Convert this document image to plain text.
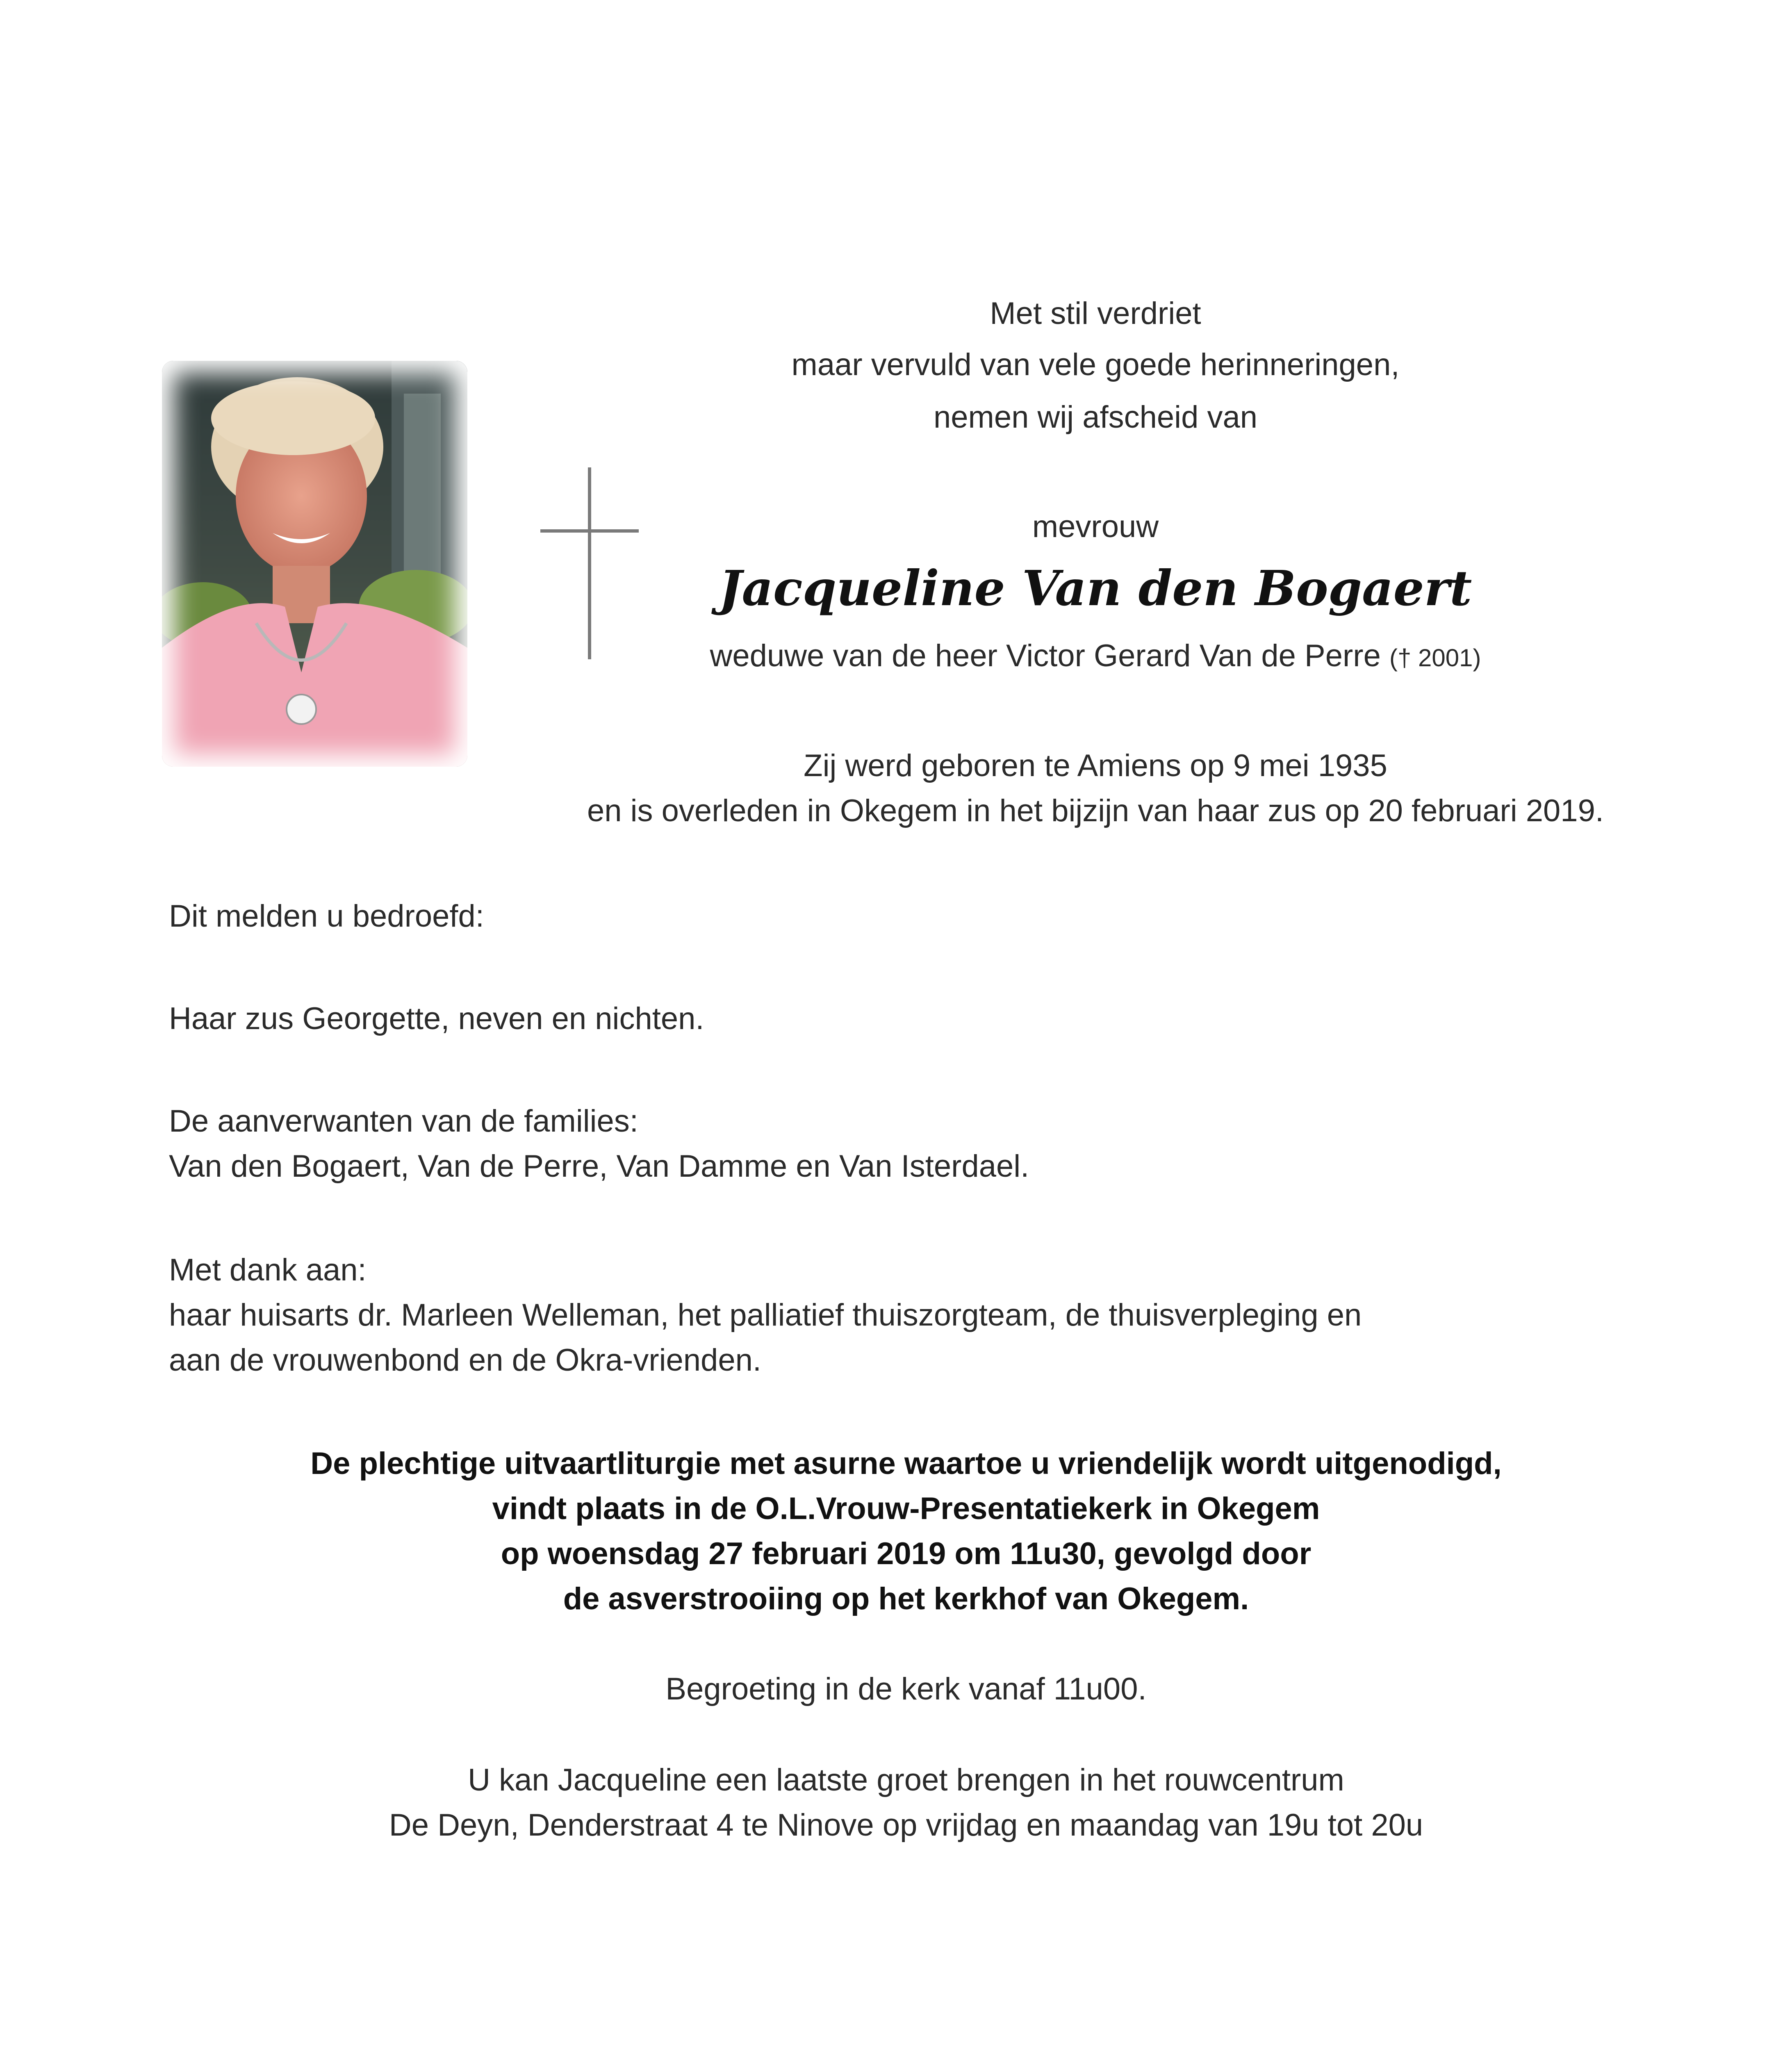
Met stil verdriet
maar vervuld van vele goede herinneringen,
nemen wij afscheid van
mevrouw
Jacqueline Van den Bogaert
weduwe van de heer Victor Gerard Van de Perre († 2001)
Zij werd geboren te Amiens op 9 mei 1935
en is overleden in Okegem in het bijzijn van haar zus op 20 februari 2019.
Dit melden u bedroefd:
Haar zus Georgette, neven en nichten.
De aanverwanten van de families:
Van den Bogaert, Van de Perre, Van Damme en Van Isterdael.
Met dank aan:
haar huisarts dr. Marleen Welleman, het palliatief thuiszorgteam, de thuisverpleging en
aan de vrouwenbond en de Okra-vrienden.
De plechtige uitvaartliturgie met asurne waartoe u vriendelijk wordt uitgenodigd,
vindt plaats in de O.L.Vrouw-Presentatiekerk in Okegem
op woensdag 27 februari 2019 om 11u30, gevolgd door
de asverstrooiing op het kerkhof van Okegem.
Begroeting in de kerk vanaf 11u00.
U kan Jacqueline een laatste groet brengen in het rouwcentrum
De Deyn, Denderstraat 4 te Ninove op vrijdag en maandag van 19u tot 20u
